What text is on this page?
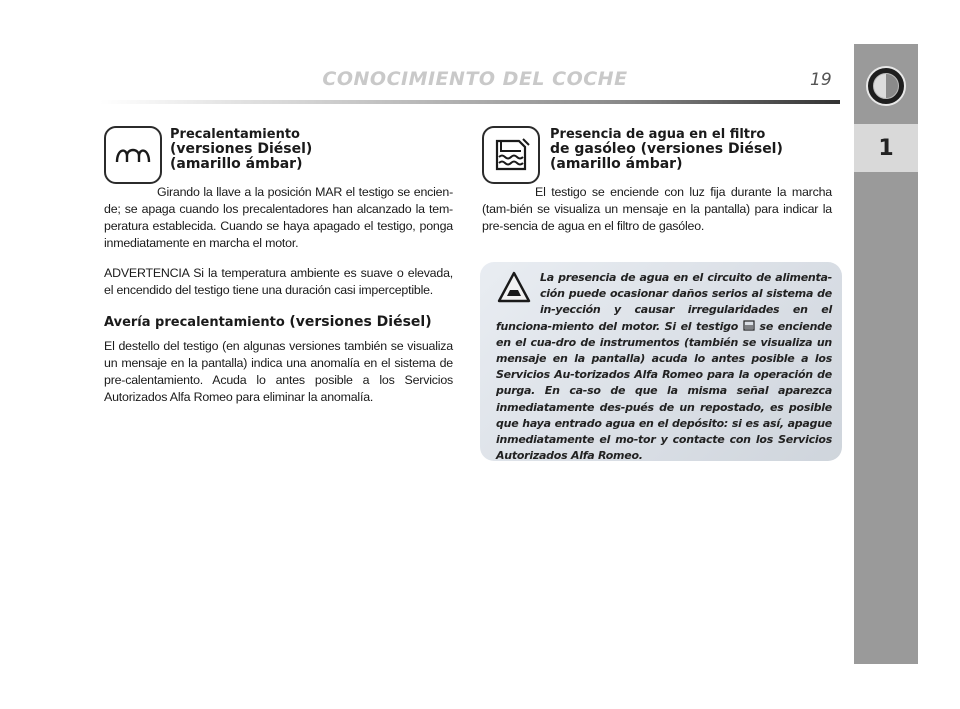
CONOCIMIENTO DEL COCHE	19
1
Precalentamiento
(versiones Diésel)
(amarillo ámbar)
Girando la llave a la posición MAR el testigo se encien-de; se apaga cuando los precalentadores han alcanzado la tem-peratura establecida. Cuando se haya apagado el testigo, ponga inmediatamente en marcha el motor.
ADVERTENCIA Si la temperatura ambiente es suave o elevada, el encendido del testigo tiene una duración casi imperceptible.
Avería precalentamiento (versiones Diésel)
El destello del testigo (en algunas versiones también se visualiza un mensaje en la pantalla) indica una anomalía en el sistema de pre-calentamiento. Acuda lo antes posible a los Servicios Autorizados Alfa Romeo para eliminar la anomalía.
Presencia de agua en el filtro
de gasóleo (versiones Diésel)
(amarillo ámbar)
El testigo se enciende con luz fija durante la marcha (tam-bién se visualiza un mensaje en la pantalla) para indicar la pre-sencia de agua en el filtro de gasóleo.
La presencia de agua en el circuito de alimenta-ción puede ocasionar daños serios al sistema de in-yección y causar irregularidades en el funciona-miento del motor. Si el testigo  se enciende en el cua-dro de instrumentos (también se visualiza un mensaje en la pantalla) acuda lo antes posible a los Servicios Au-torizados Alfa Romeo para la operación de purga. En ca-so de que la misma señal aparezca inmediatamente des-pués de un repostado, es posible que haya entrado agua en el depósito: si es así, apague inmediatamente el mo-tor y contacte con los Servicios Autorizados Alfa Romeo.
